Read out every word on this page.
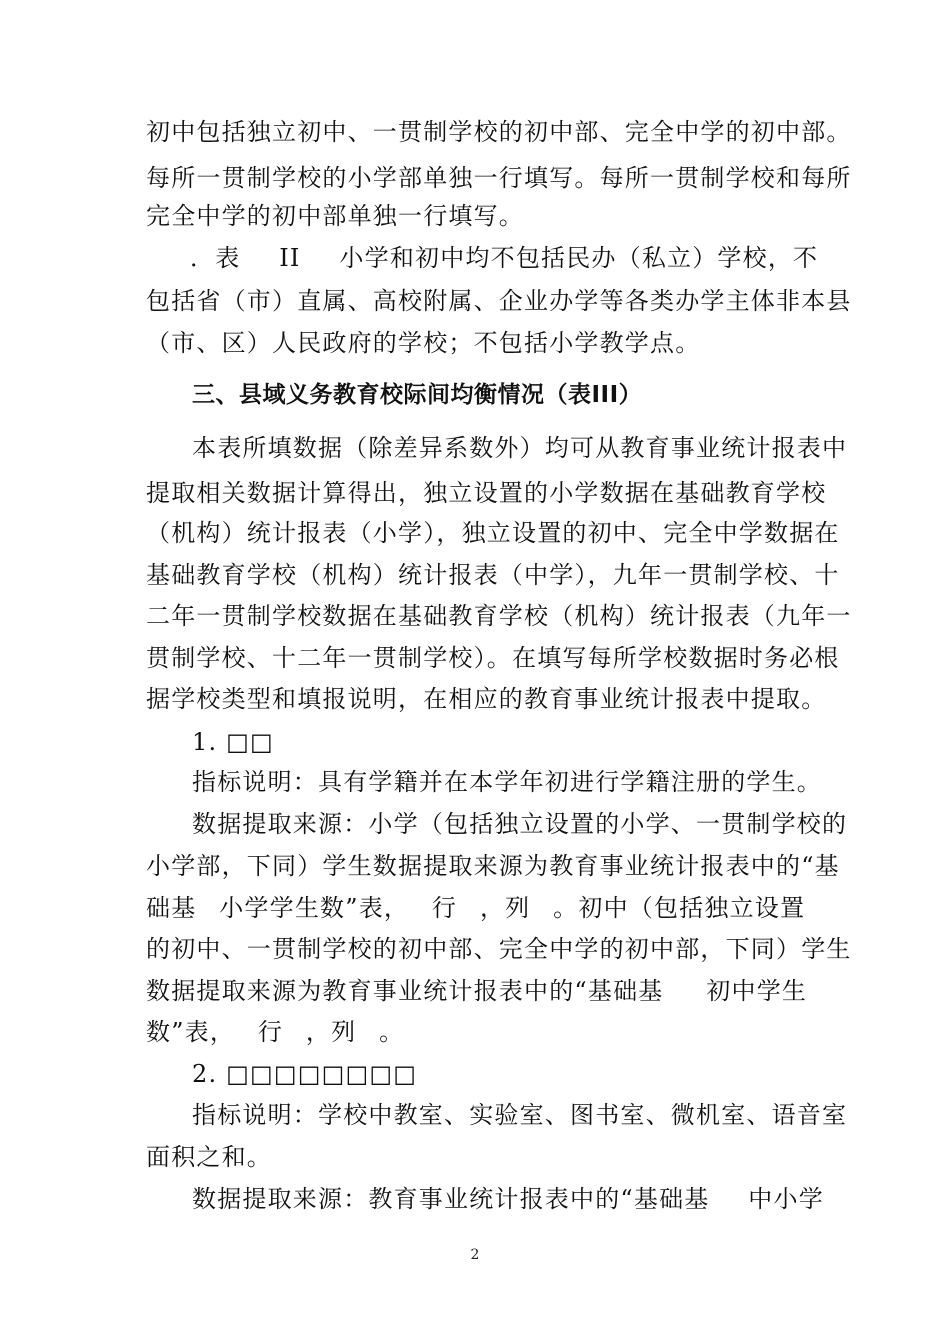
初中包括独立初中、一贯制学校的初中部、完全中学的初中部。
每所一贯制学校的小学部单独一行填写。每所一贯制学校和每所
完全中学的初中部单独一行填写。
．表 II 小学和初中均不包括民办（私立）学校，不
包括省（市）直属、高校附属、企业办学等各类办学主体非本县
（市、区）人民政府的学校；不包括小学教学点。
三、县域义务教育校际间均衡情况（表III）
本表所填数据（除差异系数外）均可从教育事业统计报表中
提取相关数据计算得出，独立设置的小学数据在基础教育学校
（机构）统计报表（小学），独立设置的初中、完全中学数据在
基础教育学校（机构）统计报表（中学），九年一贯制学校、十
二年一贯制学校数据在基础教育学校（机构）统计报表（九年一
贯制学校、十二年一贯制学校）。在填写每所学校数据时务必根
据学校类型和填报说明，在相应的教育事业统计报表中提取。
1. □□
指标说明：具有学籍并在本学年初进行学籍注册的学生。
数据提取来源：小学（包括独立设置的小学、一贯制学校的
小学部，下同）学生数据提取来源为教育事业统计报表中的“基
础基 小学学生数”表， 行 ，列 。初中（包括独立设置
的初中、一贯制学校的初中部、完全中学的初中部，下同）学生
数据提取来源为教育事业统计报表中的“基础基 初中学生
数”表， 行 ，列 。
2. □□□□□□□□
指标说明：学校中教室、实验室、图书室、微机室、语音室
面积之和。
数据提取来源：教育事业统计报表中的“基础基 中小学
2
